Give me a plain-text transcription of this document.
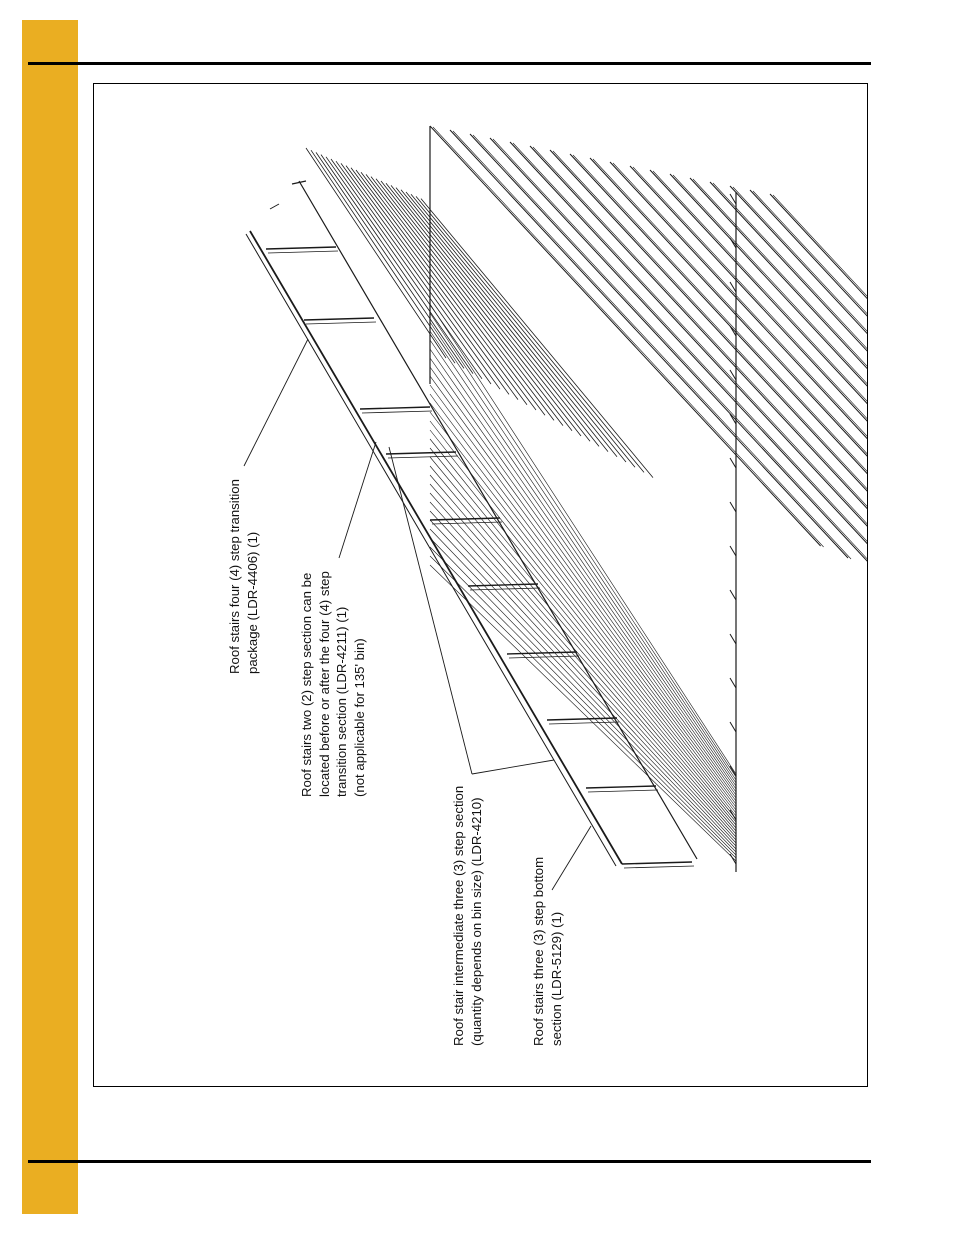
Roof stairs four (4) step transition package (LDR-4406) (1)	Roof stairs two (2) step section can be located before or after the four (4) step transition section (LDR-4211) (1) (not applicable for 135' bin)
Roof stair intermediate three (3) step section (quantity depends on bin size) (LDR-4210)	Roof stairs three (3) step bottom section (LDR-5129) (1)
